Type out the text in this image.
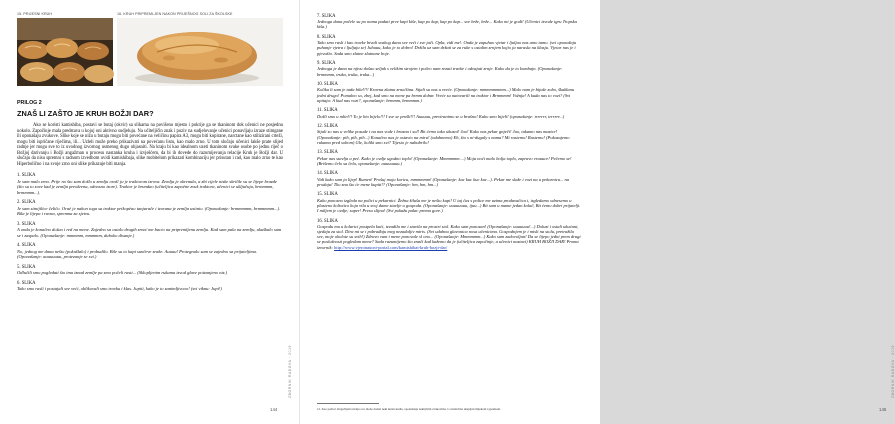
15. PRIJESNI KRUH	16. KRUH PRIPREMLJEN NAKON PRIJEŠNOG SOLI ZA ŠKOLSKE

PRILOG 2

ZNAŠ LI ZAŠTO JE KRUH BOŽJI DAR?

Ako se koristi kamishiba, postavi se butaj (okvir) sa slikama na povišeno mjesto i pokrije ga se tkaninom dok učenici ne posjednu uokolo. Započinje mala predstava u kojoj oni aktivno sudjeluju. Na učiteljičin znak i poziv na sudjelovanje učenici ponavljaju izraze stimgane ili oponašaju zvukove. Slike koje se nižu u butaju mogu biti povećane na veličinu papira A3, mogu biti kopirane, narctane kao stilizirani crteži, mogu biti ispričane riječima, ili... Uzleli može preko prikazivati na povećanu listu, kao malo zrno. U tom slučaju učenici lakše prate slijed radnje jer mogu sve to iz uvodnog izvornog usmenog dugo objasniti. Na kraju bi kao idealnom uzeti tkaninom svake osobe po jednu riječ o Božjoj darivanju i Božji angažman u procesu nastanka kruha i izvješćem, da bi ih dovede do razumijevanja relacije Kruh je Božji dar. U slučaju da nisu spremni s radnom izvedbom uvidi kamishibaja, slike mobitelom prikazati kombinaciju jer prisutan i rad, kao malo zrno te kao Hiperbolično i na svoje zrno oni slike prikazuje biti manja.

1. SLIKA

Je sam malo zrno. Prije no što sam došlo u zemlju oraš/ ju je traktorom izrova. Zemlja je okrenula, a zbi cijele niske skrilile su se lijepe brazde (što su to zove kad je zemlja preokrena, odnosno izore). Traktor je brundao (učiteljica zapoène zvuk traktora, učenici se uključuju, brmmmm, brmmmm...).

2. SLIKA

Je sam sitnijilice čeličo. Oraè je nakon toga sa traktor prikopèao tanjurače i izorana je zemlja usitnio. (Oponašanje: brmmmmm, brmmmmm...). Bila je lijepa i ravna, spremna za sjetvu.

3. SLIKA

A onda je konačno došao i red na mene. Zajedno sa ostalo drugih zrna/ me bacio na pripremljenu zemlju. Kad sam pala na zemlju, ukuškalo sam se i zaspalo. (Oponašanje: mmmmm, mmmmm, duboko disanje.)

4. SLIKA

No, jednog me dana nešto (pokušlalo) i probudilo. Bile su to kapi sunčeve zrake. Auuuu! Protegnulo sam se zajedno sa prijateljima. (Oponašanje: auuuuuuu, protezanje se svi.)

5. SLIKA

Odlučili smo pogledati što ima iznad zemlje pa smo počeli rasti... (Sklopljenim rukama izvod glave poizanjeno niz.)

6. SLIKA

Tako smo rasli i postajali sve veći, oblikovali smo travku i klas. Jupiii, kako je to zanimljivooo! (svi viknu: Jupi!)

144
ZBORNIK RADOVA · 2019

7. SLIKA

Jednoga dana počele su po nama padati prve kapi kiše, kap po kap, kap po kap... sve brže, brže... Kako mi je godi! (Učenici izvode igru Tropska kiša.)

8. SLIKA

Tako smo rasli i kao travke bivali svakog dana sve veći i sve jači. Opla, vidi me!. Onda je zapuhao vjetar i ljuljao nas amo tamo. (svi oponašaju puhanje vjetra i ljuljaju se) Juhuuu, kako je to dobro! Držila uz sam držati se za ruke s ostalim zrnjem kojio ja narasla na klasju. Vjetar nas je i pjevušio. Sada smo zlatne zlatnane boje.

9. SLIKA

Jednoga je dana na njivu došao seljak s velikim strojem i počeo nam rezati travke i odvajati zrnje. Kako da je to kombajn. (Oponašanje: brmmmm, truka, truka, truka...)

10. SLIKA

Kolika li sam je tada bila!!!! Kravna zlatna zrna/šina. Stjali su nas u vreće. (Oponašanje: mmmmmmmm...) Malo nam je bijaše zobo, škaklanu jedni drugo! Pomalno so, zbej, kad smo na mene pa brmm dobar. Vreće su natovarili na traktor i Brmmmm! Vožnja! A kuda nas to vozi? (Svi upitaju: A kud nas vozi?, oponašanje: brmmm, brmmmm.)

11. SLIKA

Došli smo u mlin!!! To je bio bijelo!!! I sve se prošli!!! Auuuau, previranimo se u brašno! Kako smo bijeli! (oponašanje: trrrrrr, trrrrrr...)

12. SLIKA

Stjali so nas u velike posude i na nas vode i brasna i sol! Bit ćemo tako ukusni! Jao! Kako nas pekar gnječi! Jao, tukamo nas mazice! (Oponašanje: pih, pih, pih...) Konačno nas je ostavio na miru! (odahnemo) Eh, što s ni-dugaly s nama? Mi rastemo! Rastemo! (Pokazujemo rukama pred sobom) Gle, koliki smo svi? Tijesto je nabubrilo!

13. SLIKA

Pekar nas stavlja u peć. Kako je ovdje ugodno toplo! (Oponašanje: Mmmmmm....) Moja noći malo bolja toplo, zapravo vruuuce! Pečemo se! (Brišemo čelo sa čela, oponašanje: auuuuuuu.)

14. SLIKA

Vidi kako sam ja lijep! Rumen! Prošuj moju koricu, mmmmmm! (Oponašanje: kuc kuc kuc kuc...). Pekar me slaže i vozi na u pekarnicu... na prodaju! Tko zna što će mene kupiti!? (Oponašanje: hm, hm, hm...)

15. SLIKA

Kako ponosno izgleda na polici u pekarnici. Žežna žiluša me je nešto kupi! U taj čas s police me uzima prodavačica i, izgledamo odnesemo u plasteno koliotico koja vila u svoj dame stavlje u gospoda. (Oponašanje: uuuuuuuu, ijuu...) Bit sam u mame jedan kolač, Bit ćemo dobri prijatelji. I miljem je ovdje; super! Presu slijna! (Svi pokažu palac prema gore.)

16. SLIKA

Gospodu mu u kolarici postpela kući, izvadila me i stavila na prostri stol. Kako sam ponosan! (Oponašanje: uuuuuuu!...) Doluzi i ostali ukućani, sjedaju za stol. Dira mi se i pobrađaju meg nezadaljiv miris. (Svi udahnu glavonica nosa učenicima. Gospodnjem je i misli na stolu, pretražila sve, moje okolote su svih!) Zdravo vam i mene ponovale sl ono... (Oponašanje: Mmmmmm...) Kako sam zadovoljan! Da se lijepo jedni prem drugi se poslušnosti pogledam mene? Sada razumijemo što znači kad kažemo da je (učiteljica započinje, a učenici nastavi) KRUH BOŽJI DAR! Proma izvornik: http://www.vjeronaucni-portal.com/kamishibai-kruh-bozji-dar/

12. Kao pomoć drugačijem učenju ovo može dodati neki kutan kruha, oponašanje neknjivim zvukovima i s učenicima skupljati mijekom i pjesmom.	145
ZBORNIK RADOVA · 2019
